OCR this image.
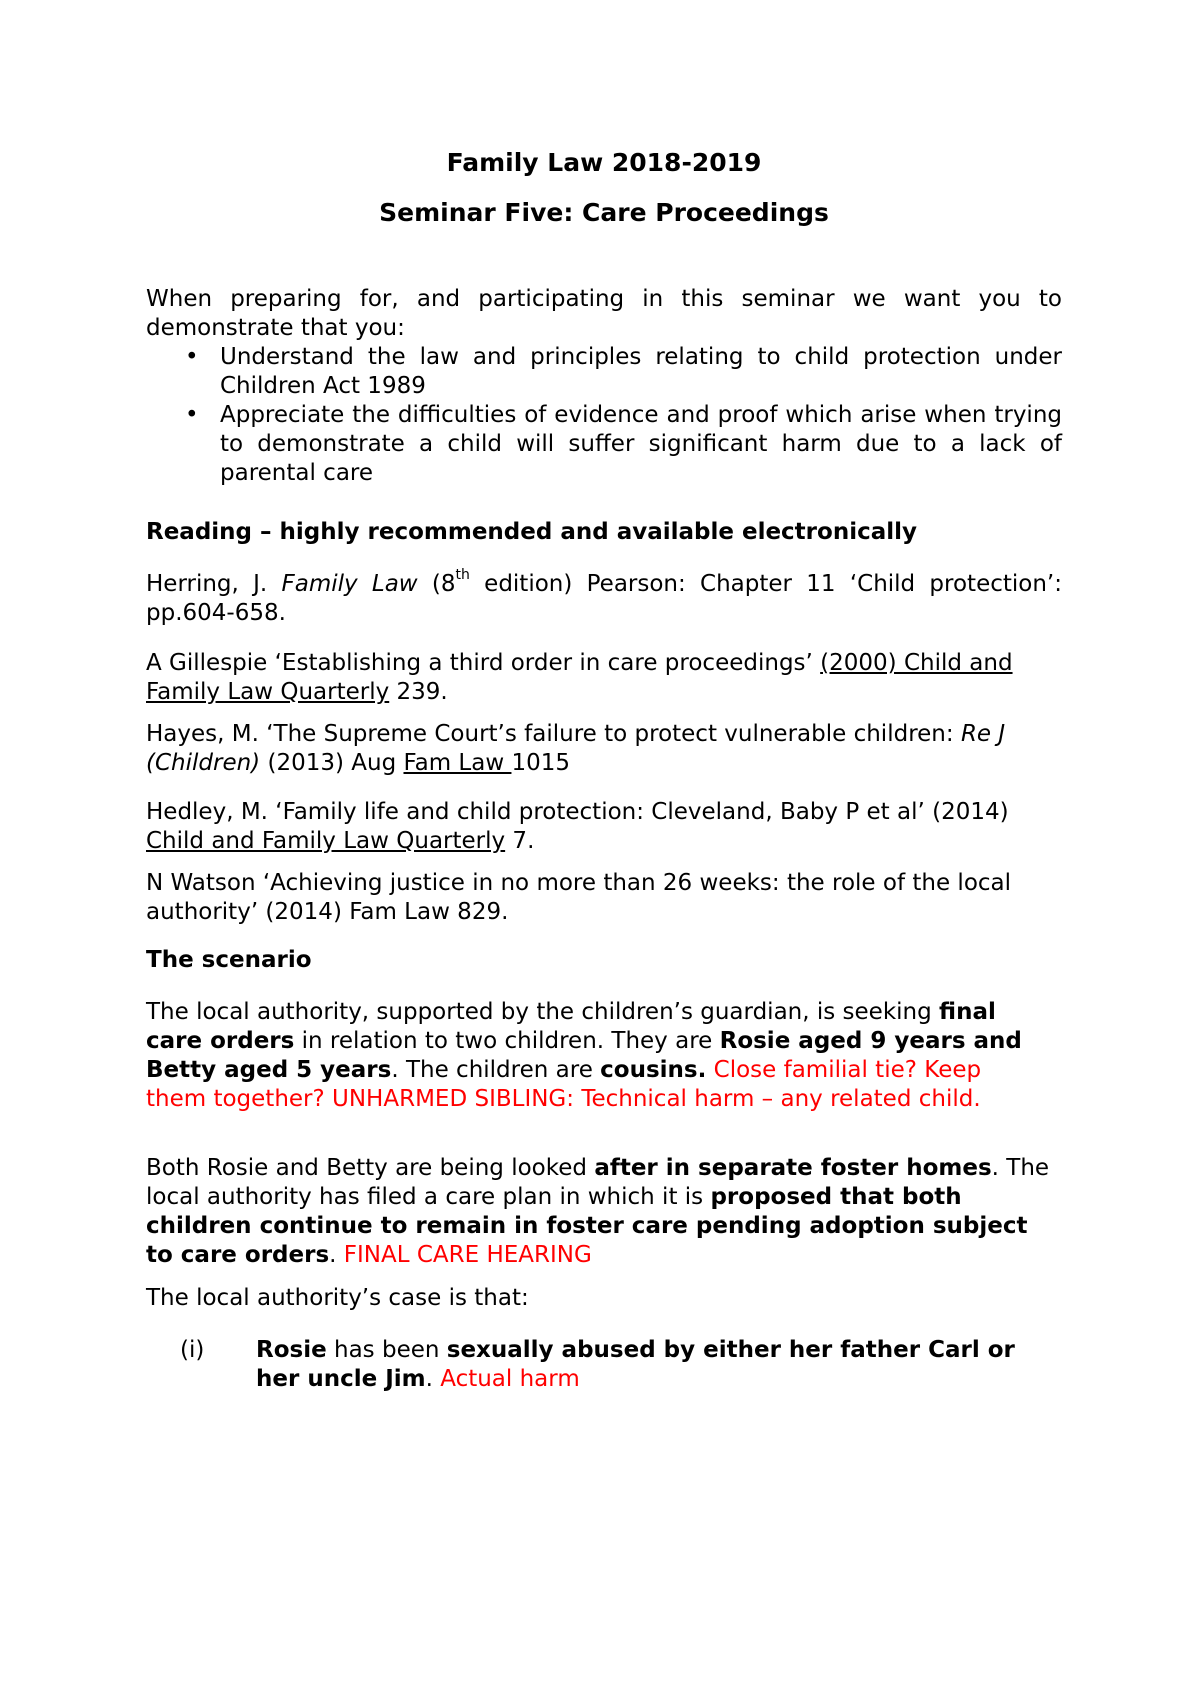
Family Law 2018-2019
Seminar Five: Care Proceedings

When preparing for, and participating in this seminar we want you to demonstrate that you:

• Understand the law and principles relating to child protection under Children Act 1989
• Appreciate the difficulties of evidence and proof which arise when trying to demonstrate a child will suffer significant harm due to a lack of parental care
Reading – highly recommended and available electronically

Herring, J. Family Law (8th edition) Pearson: Chapter 11 ‘Child protection’: pp.604-658.

A Gillespie ‘Establishing a third order in care proceedings’ (2000) Child and Family Law Quarterly 239.

Hayes, M. ‘The Supreme Court’s failure to protect vulnerable children: Re J (Children) (2013) Aug Fam Law 1015

Hedley, M. ‘Family life and child protection: Cleveland, Baby P et al’ (2014) Child and Family Law Quarterly 7.

N Watson ‘Achieving justice in no more than 26 weeks: the role of the local authority’ (2014) Fam Law 829.

The scenario

The local authority, supported by the children’s guardian, is seeking final care orders in relation to two children. They are Rosie aged 9 years and Betty aged 5 years. The children are cousins. Close familial tie? Keep them together? UNHARMED SIBLING: Technical harm – any related child.

Both Rosie and Betty are being looked after in separate foster homes. The local authority has filed a care plan in which it is proposed that both children continue to remain in foster care pending adoption subject to care orders. FINAL CARE HEARING

The local authority’s case is that:
(i) Rosie has been sexually abused by either her father Carl or her uncle Jim. Actual harm
